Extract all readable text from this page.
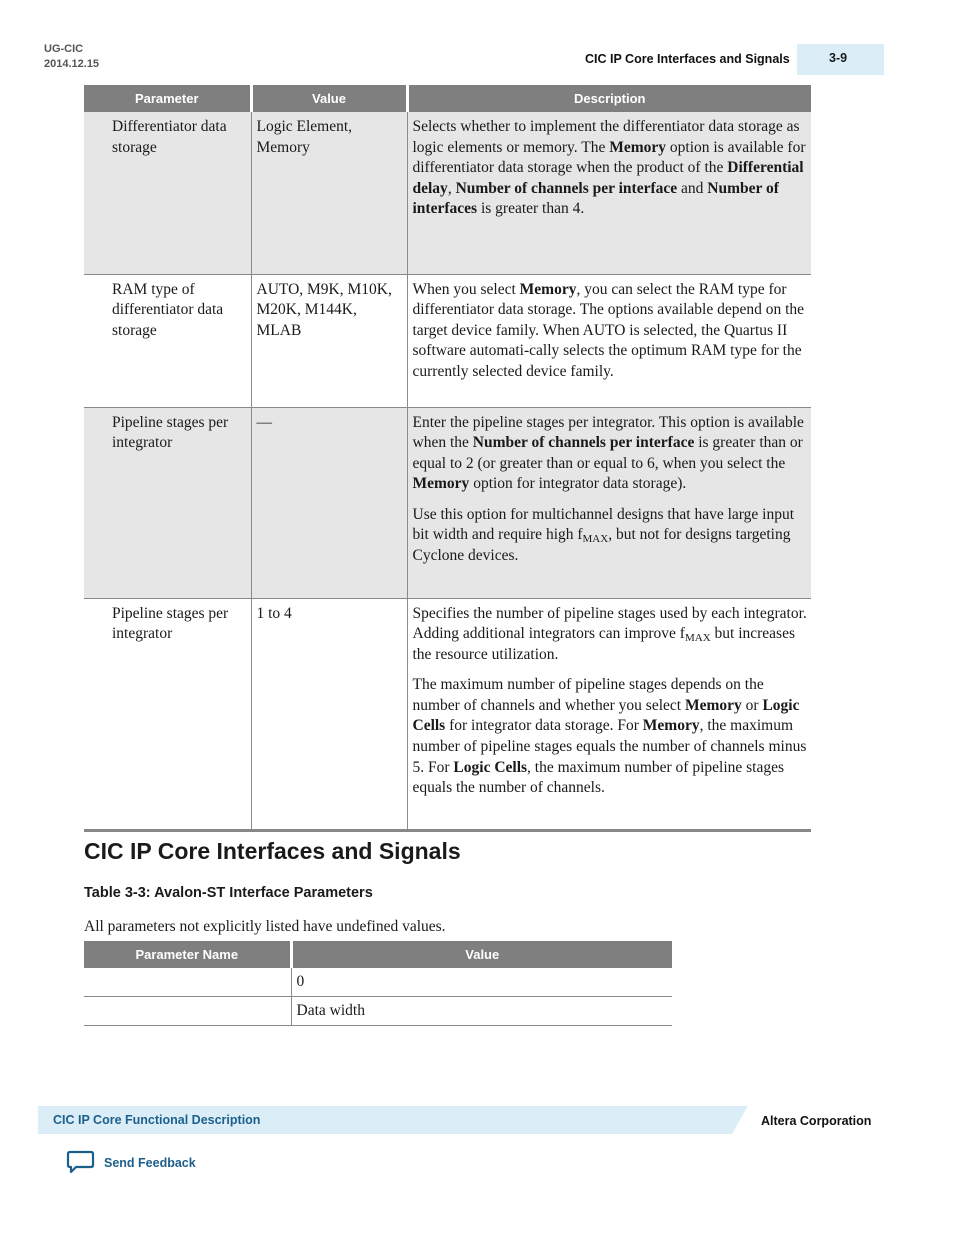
UG-CIC
2014.12.15	CIC IP Core Interfaces and Signals	3-9
Parameter	Value	Description
Differentiator data storage	Logic Element, Memory	Selects whether to implement the differentiator data storage as logic elements or memory. The Memory option is available for differentiator data storage when the product of the Differential delay, Number of channels per interface and Number of interfaces is greater than 4.

RAM type of differentiator data storage	AUTO, M9K, M10K, M20K, M144K, MLAB	When you select Memory, you can select the RAM type for differentiator data storage. The options available depend on the target device family. When AUTO is selected, the Quartus II software automati-cally selects the optimum RAM type for the currently selected device family.

Pipeline stages per integrator	—	Enter the pipeline stages per integrator. This option is available when the Number of channels per interface is greater than or equal to 2 (or greater than or equal to 6, when you select the Memory option for integrator data storage).

Use this option for multichannel designs that have large input bit width and require high $f_{MAX}$, but not for designs targeting Cyclone devices.

Pipeline stages per integrator	1 to 4	Specifies the number of pipeline stages used by each integrator. Adding additional integrators can improve $f_{MAX}$ but increases the resource utilization.

The maximum number of pipeline stages depends on the number of channels and whether you select Memory or Logic Cells for integrator data storage. For Memory, the maximum number of pipeline stages equals the number of channels minus 5. For Logic Cells, the maximum number of pipeline stages equals the number of channels.

CIC IP Core Interfaces and Signals
Table 3-3: Avalon-ST Interface Parameters
All parameters not explicitly listed have undefined values.
Parameter Name	Value
	0
	Data width
CIC IP Core Functional Description	Altera Corporation
Send Feedback
